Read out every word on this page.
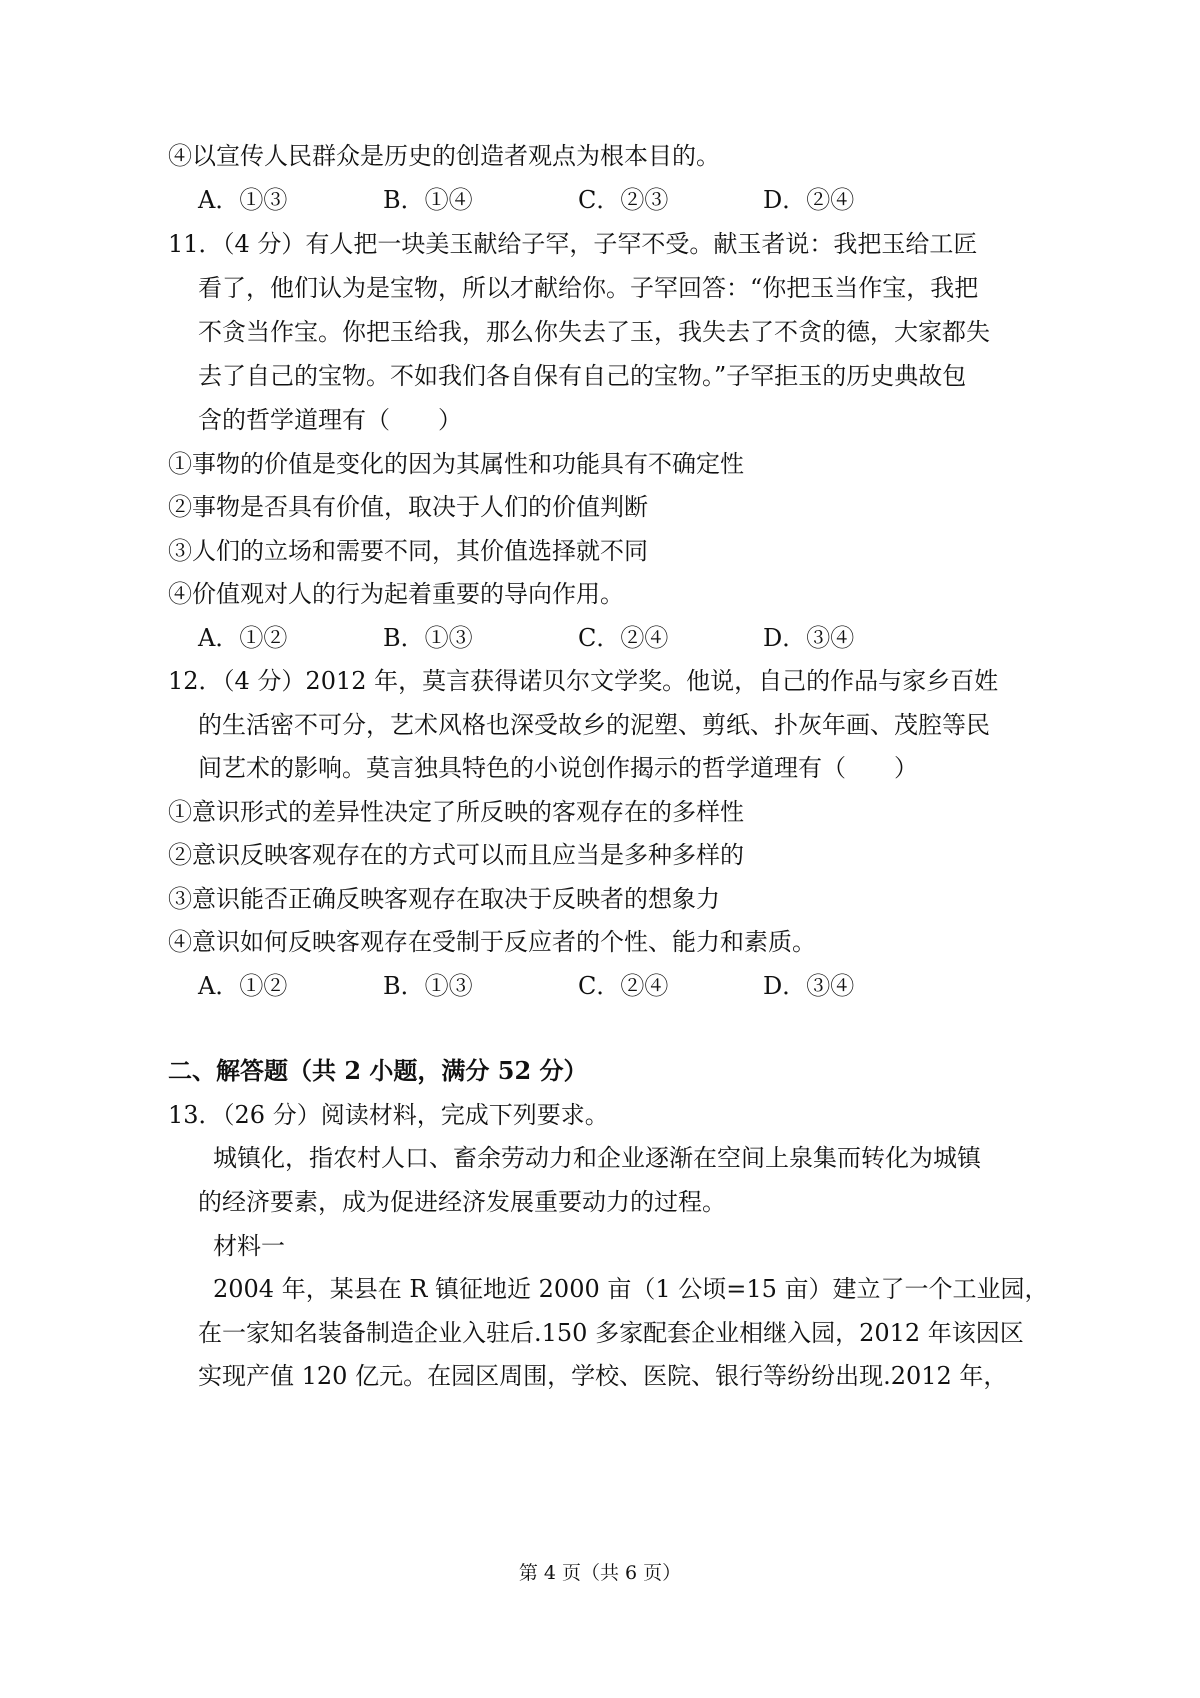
④以宣传人民群众是历史的创造者观点为根本目的。
A．①③	B．①④	C．②③	D．②④
11．（4 分）有人把一块美玉献给子罕，子罕不受。献玉者说：我把玉给工匠
看了，他们认为是宝物，所以才献给你。子罕回答：“你把玉当作宝，我把
不贪当作宝。你把玉给我，那么你失去了玉，我失去了不贪的德，大家都失
去了自己的宝物。不如我们各自保有自己的宝物。”子罕拒玉的历史典故包
含的哲学道理有（　　）
①事物的价值是变化的因为其属性和功能具有不确定性
②事物是否具有价值，取决于人们的价值判断
③人们的立场和需要不同，其价值选择就不同
④价值观对人的行为起着重要的导向作用。
A．①②	B．①③	C．②④	D．③④
12．（4 分）2012 年，莫言获得诺贝尔文学奖。他说，自己的作品与家乡百姓
的生活密不可分，艺术风格也深受故乡的泥塑、剪纸、扑灰年画、茂腔等民
间艺术的影响。莫言独具特色的小说创作揭示的哲学道理有（　　）
①意识形式的差异性决定了所反映的客观存在的多样性
②意识反映客观存在的方式可以而且应当是多种多样的
③意识能否正确反映客观存在取决于反映者的想象力
④意识如何反映客观存在受制于反应者的个性、能力和素质。
A．①②	B．①③	C．②④	D．③④
二、解答题（共 2 小题，满分 52 分）
13．（26 分）阅读材料，完成下列要求。
城镇化，指农村人口、畜余劳动力和企业逐渐在空间上泉集而转化为城镇
的经济要素，成为促进经济发展重要动力的过程。
材料一
2004 年，某县在 R 镇征地近 2000 亩（1 公顷=15 亩）建立了一个工业园，
在一家知名装备制造企业入驻后.150 多家配套企业相继入园，2012 年该因区
实现产值 120 亿元。在园区周围，学校、医院、银行等纷纷出现.2012 年，
第 4 页（共 6 页）
